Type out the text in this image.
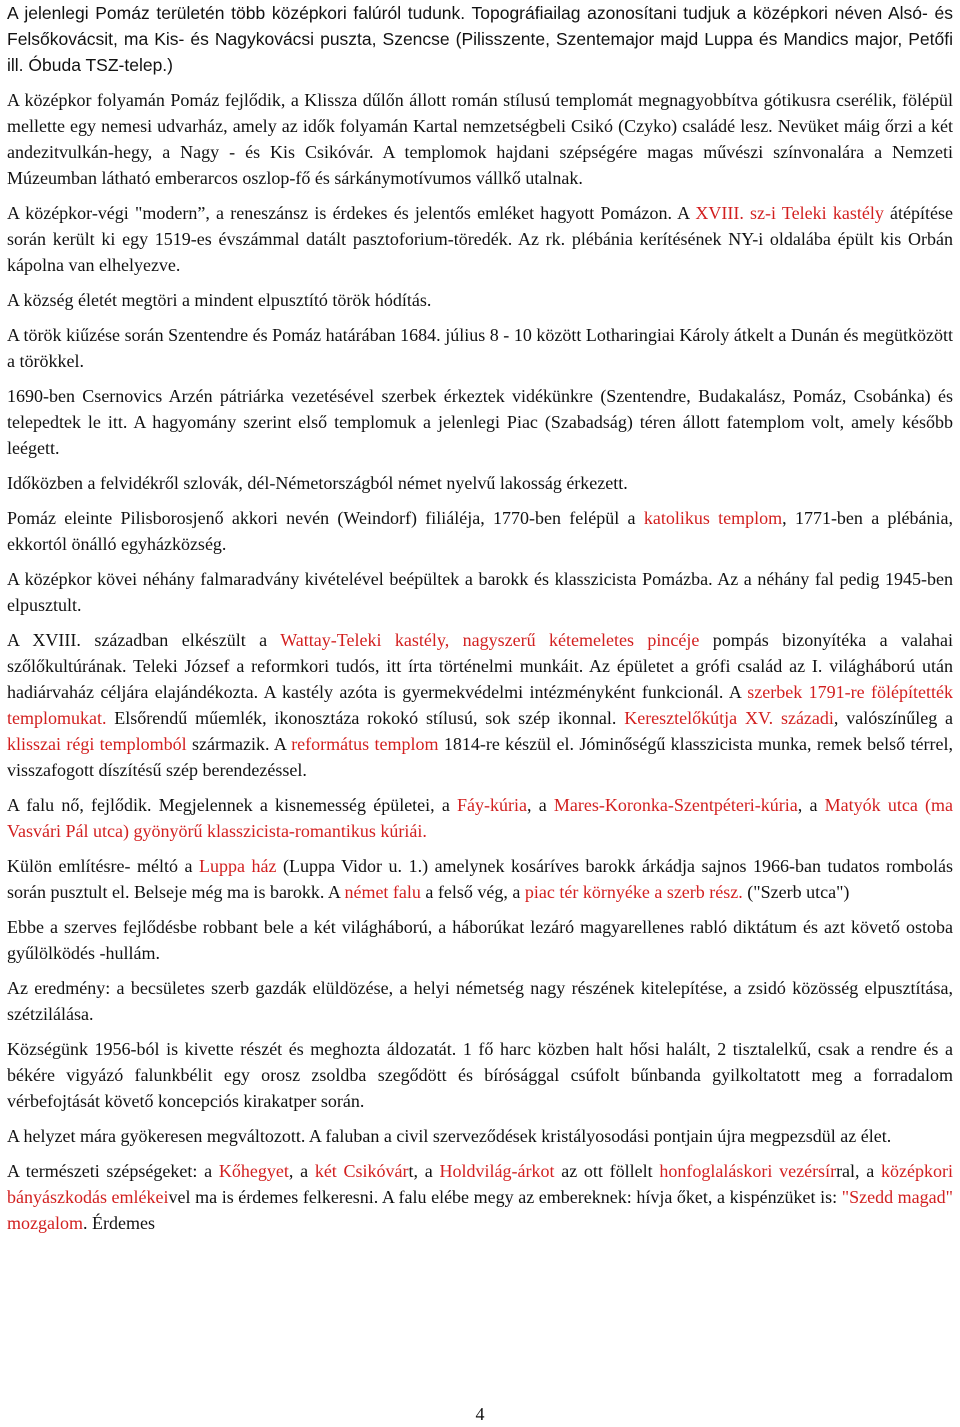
A jelenlegi Pomáz területén több középkori falúról tudunk. Topográfiailag azonosítani tudjuk a középkori néven Alsó- és Felsőkovácsit, ma Kis- és Nagykovácsi puszta, Szencse (Pilisszente, Szentemajor majd Luppa és Mandics major, Petőfi ill. Óbuda TSZ-telep.)

A középkor folyamán Pomáz fejlődik, a Klissza dűlőn állott román stílusú templomát megnagyobbítva gótikusra cserélik, fölépül mellette egy nemesi udvarház, amely az idők folyamán Kartal nemzetségbeli Csikó (Czyko) családé lesz. Nevüket máig őrzi a két andezitvulkán-hegy, a Nagy - és Kis Csikóvár. A templomok hajdani szépségére magas művészi színvonalára a Nemzeti Múzeumban látható emberarcos oszlop-fő és sárkánymotívumos vállkő utalnak.

A középkor-végi "modern”, a reneszánsz is érdekes és jelentős emléket hagyott Pomázon. A XVIII. sz-i Teleki kastély átépítése során került ki egy 1519-es évszámmal datált pasztoforium-töredék. Az rk. plébánia kerítésének NY-i oldalába épült kis Orbán kápolna van elhelyezve.

A község életét megtöri a mindent elpusztító török hódítás.

A török kiűzése során Szentendre és Pomáz határában 1684. július 8 - 10 között Lotharingiai Károly átkelt a Dunán és megütközött a törökkel.

1690-ben Csernovics Arzén pátriárka vezetésével szerbek érkeztek vidékünkre (Szentendre, Budakalász, Pomáz, Csobánka) és telepedtek le itt. A hagyomány szerint első templomuk a jelenlegi Piac (Szabadság) téren állott fatemplom volt, amely később leégett.

Időközben a felvidékről szlovák, dél-Németországból német nyelvű lakosság érkezett.

Pomáz eleinte Pilisborosjenő akkori nevén (Weindorf) filiáléja, 1770-ben felépül a katolikus templom, 1771-ben a plébánia, ekkortól önálló egyházközség.

A középkor kövei néhány falmaradvány kivételével beépültek a barokk és klasszicista Pomázba. Az a néhány fal pedig 1945-ben elpusztult.

A XVIII. században elkészült a Wattay-Teleki kastély, nagyszerű kétemeletes pincéje pompás bizonyítéka a valahai szőlőkultúrának. Teleki József a reformkori tudós, itt írta történelmi munkáit. Az épületet a grófi család az I. világháború után hadiárvaház céljára elajándékozta. A kastély azóta is gyermekvédelmi intézményként funkcionál. A szerbek 1791-re fölépítették templomukat. Elsőrendű műemlék, ikonosztáza rokokó stílusú, sok szép ikonnal. Keresztelőkútja XV. századi, valószínűleg a klisszai régi templomból származik. A református templom 1814-re készül el. Jóminőségű klasszicista munka, remek belső térrel, visszafogott díszítésű szép berendezéssel.

A falu nő, fejlődik. Megjelennek a kisnemesség épületei, a Fáy-kúria, a Mares-Koronka-Szentpéteri-kúria, a Matyók utca (ma Vasvári Pál utca) gyönyörű klasszicista-romantikus kúriái.

Külön említésre- méltó a Luppa ház (Luppa Vidor u. 1.) amelynek kosáríves barokk árkádja sajnos 1966-ban tudatos rombolás során pusztult el. Belseje még ma is barokk. A német falu a felső vég, a piac tér környéke a szerb rész. ("Szerb utca")

Ebbe a szerves fejlődésbe robbant bele a két világháború, a háborúkat lezáró magyarellenes rabló diktátum és azt követő ostoba gyűlölködés -hullám.

Az eredmény: a becsületes szerb gazdák elüldözése, a helyi németség nagy részének kitelepítése, a zsidó közösség elpusztítása, szétzilálása.

Községünk 1956-ból is kivette részét és meghozta áldozatát. 1 fő harc közben halt hősi halált, 2 tisztalelkű, csak a rendre és a békére vigyázó falunkbélit egy orosz zsoldba szegődött és bírósággal csúfolt bűnbanda gyilkoltatott meg a forradalom vérbefojtását követő koncepciós kirakatper során.

A helyzet mára gyökeresen megváltozott. A faluban a civil szerveződések kristályosodási pontjain újra megpezsdül az élet.

A természeti szépségeket: a Kőhegyet, a két Csikóvárt, a Holdvilág-árkot az ott föllelt honfoglaláskori vezérsírral, a középkori bányászkodás emlékeivel ma is érdemes felkeresni. A falu elébe megy az embereknek: hívja őket, a kispénzüket is: "Szedd magad" mozgalom. Érdemes

4
